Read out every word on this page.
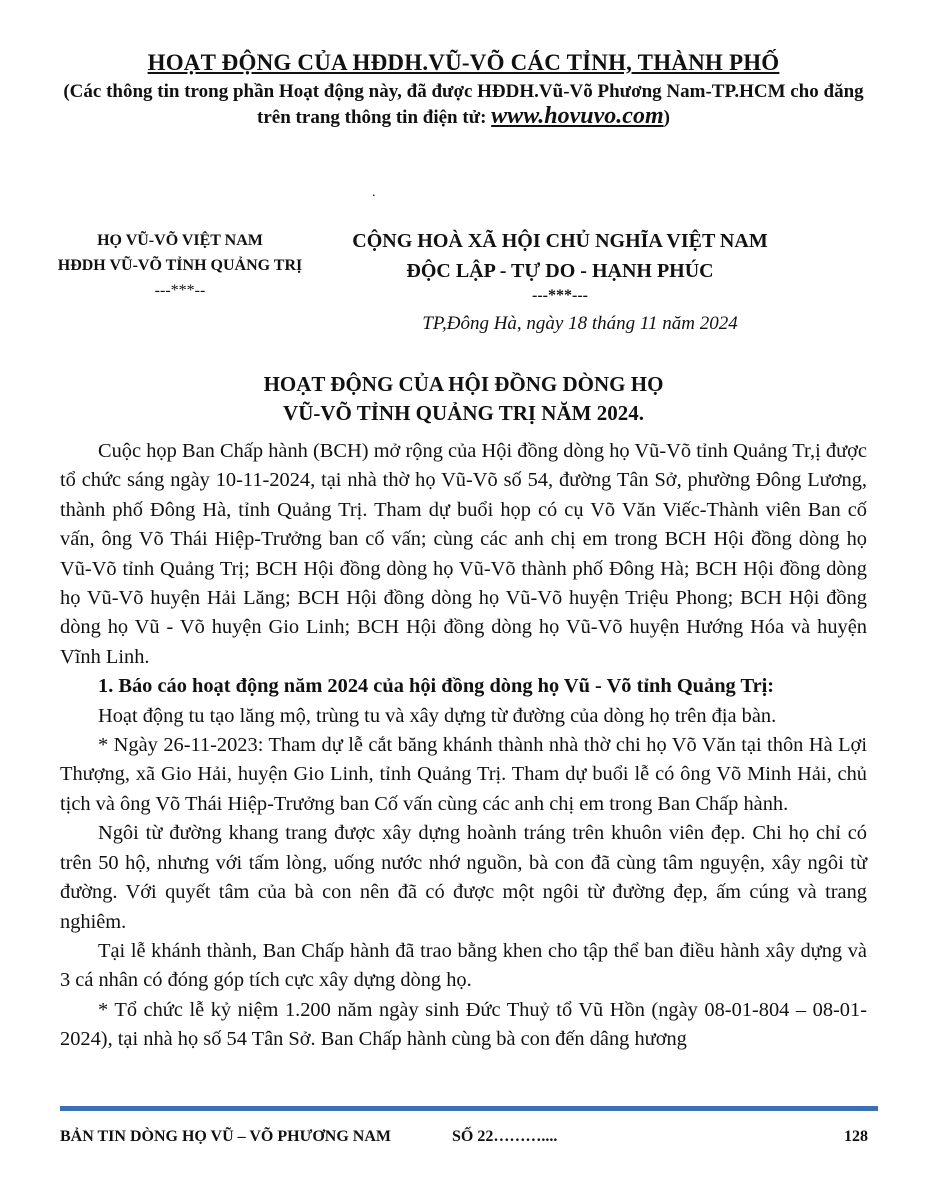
HOẠT ĐỘNG CỦA HĐDH.VŨ-VÕ CÁC TỈNH, THÀNH PHỐ
(Các thông tin trong phần Hoạt động này, đã được HĐDH.Vũ-Võ Phương Nam-TP.HCM cho đăng trên trang thông tin điện tử: www.hovuvo.com)
.
HỌ VŨ-VÕ VIỆT NAM
HĐDH VŨ-VÕ TỈNH QUẢNG TRỊ
---***--
CỘNG HOÀ XÃ HỘI CHỦ NGHĨA VIỆT NAM
ĐỘC LẬP - TỰ DO - HẠNH PHÚC
---***---
TP,Đông Hà, ngày 18 tháng 11 năm 2024
HOẠT ĐỘNG CỦA HỘI ĐỒNG DÒNG HỌ
VŨ-VÕ TỈNH QUẢNG TRỊ NĂM 2024.

Cuộc họp Ban Chấp hành (BCH) mở rộng của Hội đồng dòng họ Vũ-Võ tỉnh Quảng Tr,ị được tổ chức sáng ngày 10-11-2024, tại nhà thờ họ Vũ-Võ số 54, đường Tân Sở, phường Đông Lương, thành phố Đông Hà, tỉnh Quảng Trị. Tham dự buổi họp có cụ Võ Văn Viếc-Thành viên Ban cố vấn, ông Võ Thái Hiệp-Trưởng ban cố vấn; cùng các anh chị em trong BCH Hội đồng dòng họ Vũ-Võ tỉnh Quảng Trị; BCH Hội đồng dòng họ Vũ-Võ thành phố Đông Hà; BCH Hội đồng dòng họ Vũ-Võ huyện Hải Lăng; BCH Hội đồng dòng họ Vũ-Võ huyện Triệu Phong; BCH Hội đồng dòng họ Vũ - Võ huyện Gio Linh; BCH Hội đồng dòng họ Vũ-Võ huyện Hướng Hóa và huyện Vĩnh Linh.

1. Báo cáo hoạt động năm 2024 của hội đồng dòng họ Vũ - Võ tỉnh Quảng Trị:

Hoạt động tu tạo lăng mộ, trùng tu và xây dựng từ đường của dòng họ trên địa bàn.

* Ngày 26-11-2023: Tham dự lễ cắt băng khánh thành nhà thờ chi họ Võ Văn tại thôn Hà Lợi Thượng, xã Gio Hải, huyện Gio Linh, tỉnh Quảng Trị. Tham dự buổi lễ có ông Võ Minh Hải, chủ tịch và ông Võ Thái Hiệp-Trưởng ban Cố vấn cùng các anh chị em trong Ban Chấp hành.

Ngôi từ đường khang trang được xây dựng hoành tráng trên khuôn viên đẹp. Chi họ chỉ có trên 50 hộ, nhưng với tấm lòng, uống nước nhớ nguồn, bà con đã cùng tâm nguyện, xây ngôi từ đường. Với quyết tâm của bà con nên đã có được một ngôi từ đường đẹp, ấm cúng và trang nghiêm.

Tại lễ khánh thành, Ban Chấp hành đã trao bằng khen cho tập thể ban điều hành xây dựng và 3 cá nhân có đóng góp tích cực xây dựng dòng họ.

* Tổ chức lễ kỷ niệm 1.200 năm ngày sinh Đức Thuỷ tổ Vũ Hồn (ngày 08-01-804 – 08-01-2024), tại nhà họ số 54 Tân Sở. Ban Chấp hành cùng bà con đến dâng hương

BẢN TIN DÒNG HỌ VŨ – VÕ PHƯƠNG NAM	SỐ 22………....	128
